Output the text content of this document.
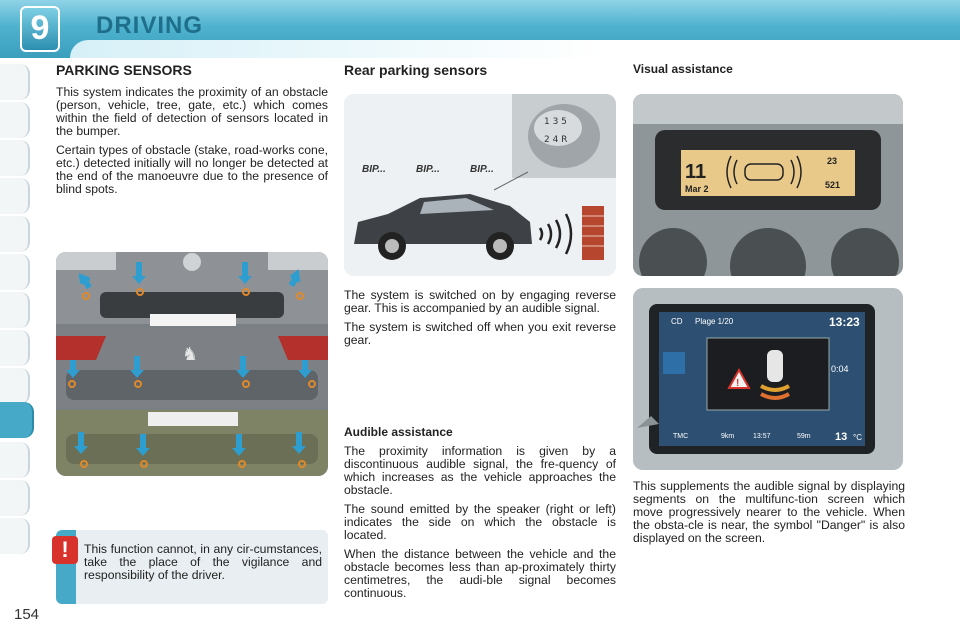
9	DRIVING
PARKING SENSORS

This system indicates the proximity of an obstacle (person, vehicle, tree, gate, etc.) which comes within the field of detection of sensors located in the bumper.

Certain types of obstacle (stake, road-works cone, etc.) detected initially will no longer be detected at the end of the manoeuvre due to the presence of blind spots.

♞
!	This function cannot, in any cir-cumstances, take the place of the vigilance and responsibility of the driver.
Rear parking sensors
1 3 5
2 4 R
BIP...	BIP...	BIP...

The system is switched on by engaging reverse gear. This is accompanied by an audible signal.

The system is switched off when you exit reverse gear.

Audible assistance

The proximity information is given by a discontinuous audible signal, the fre-quency of which increases as the vehicle approaches the obstacle.

The sound emitted by the speaker (right or left) indicates the side on which the obstacle is located.

When the distance between the vehicle and the obstacle becomes less than ap-proximately thirty centimetres, the audi-ble signal becomes continuous.

Visual assistance
11
Mar 2
23
521
CD Plage 1/20	13:23
!
0:04
TMC	9km	13:57	59m 13 °C

This supplements the audible signal by displaying segments on the multifunc-tion screen which move progressively nearer to the vehicle. When the obsta-cle is near, the symbol "Danger" is also displayed on the screen.

154
